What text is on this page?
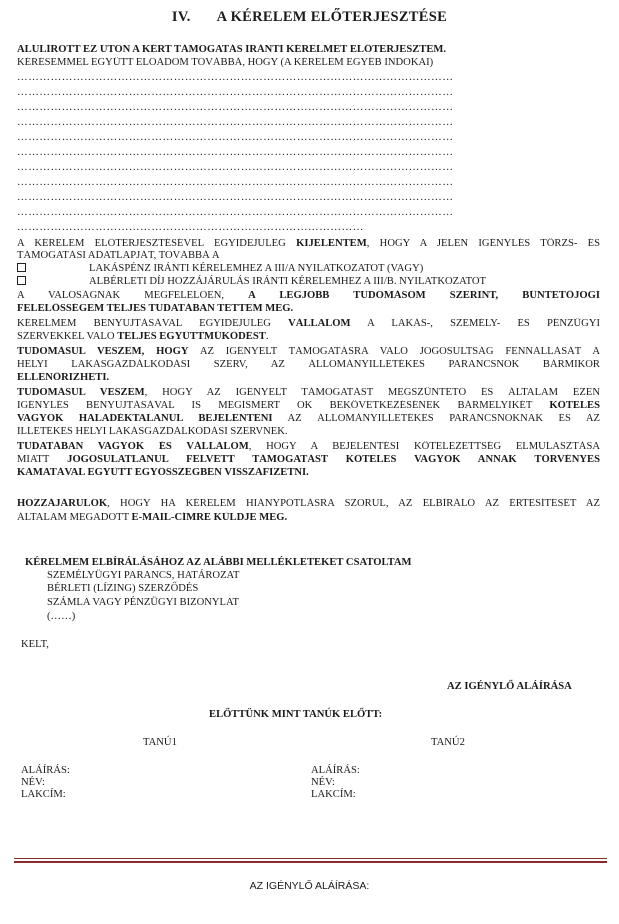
IV. A KÉRELEM ELŐTERJESZTÉSE
ALULÍROTT EZ ÚTON A KÉRT TÁMOGATÁS IRÁNTI KÉRELMET ELŐTERJESZTEM.
KÉRÉSEMMEL EGYÜTT ELŐADOM TOVÁBBÁ, HOGY (A KÉRELEM EGYÉB INDOKAI)
………………………………………………………………………………………………………
………………………………………………………………………………………………………
………………………………………………………………………………………………………
………………………………………………………………………………………………………
………………………………………………………………………………………………………
………………………………………………………………………………………………………
………………………………………………………………………………………………………
………………………………………………………………………………………………………
………………………………………………………………………………………………………
………………………………………………………………………………………………………
…………………………………………………………………………………
A KÉRELEM ELŐTERJESZTÉSÉVEL EGYIDEJŰLEG KIJELENTEM, HOGY A JELEN IGÉNYLÉS TÖRZS- ÉS
TÁMOGATÁSI ADATLAPJÁT, TOVÁBBÁ A
LAKÁSPÉNZ IRÁNTI KÉRELEMHEZ A III/A NYILATKOZATOT (VAGY)
ALBÉRLETI DÍJ HOZZÁJÁRULÁS IRÁNTI KÉRELEMHEZ A III/B. NYILATKOZATOT
A VALÓSÁGNAK MEGFELELŐEN, A LEGJOBB TUDOMÁSOM SZERINT, BÜNTETŐJOGI
FELELŐSSÉGEM TELJES TUDATÁBAN TETTEM MEG.
KÉRELMEM BENYÚJTÁSÁVAL EGYIDEJŰLEG VÁLLALOM A LAKÁS-, SZEMÉLY- ÉS PÉNZÜGYI
SZERVEKKEL VALÓ TELJES EGYÜTTMŰKÖDÉST.
TUDOMÁSUL VESZEM, HOGY AZ IGÉNYELT TÁMOGATÁSRA VALÓ JOGOSULTSÁG FENNÁLLÁSÁT A
HELYI LAKÁSGAZDÁLKODÁSI SZERV, AZ ÁLLOMÁNYILLETÉKES PARANCSNOK BÁRMIKOR
ELLENŐRIZHETI.
TUDOMÁSUL VESZEM, HOGY AZ IGÉNYELT TÁMOGATÁST MEGSZÜNTETŐ ÉS ÁLTALAM EZEN
IGÉNYLÉS BENYÚJTÁSÁVAL IS MEGISMERT OK BEKÖVETKEZÉSÉNEK BÁRMELYIKÉT KÖTELES
VAGYOK HALADÉKTALANUL BEJELENTENI AZ ÁLLOMÁNYILLETÉKES PARANCSNOKNAK ÉS AZ
ILLETÉKES HELYI LAKÁSGAZDÁLKODÁSI SZERVNEK.
TUDATÁBAN VAGYOK ÉS VÁLLALOM, HOGY A BEJELENTÉSI KÖTELEZETTSÉG ELMULASZTÁSA
MIATT JOGOSULATLANUL FELVETT TÁMOGATÁST KÖTELES VAGYOK ANNAK TÖRVÉNYES
KAMATÁVAL EGYÜTT EGYÖSSZEGBEN VISSZAFIZETNI.
HOZZÁJÁRULOK, HOGY HA KÉRELEM HIÁNYPÓTLÁSRA SZORUL, AZ ELBÍRÁLÓ AZ ÉRTESÍTÉSÉT AZ
ÁLTALAM MEGADOTT E-MAIL-CÍMRE KÜLDJE MEG.
KÉRELMEM ELBÍRÁLÁSÁHOZ AZ ALÁBBI MELLÉKLETEKET CSATOLTAM
SZEMÉLYÜGYI PARANCS, HATÁROZAT
BÉRLETI (LÍZING) SZERZŐDÉS
SZÁMLA VAGY PÉNZÜGYI BIZONYLAT
(……)
KELT,
AZ IGÉNYLŐ ALÁÍRÁSA
ELŐTTÜNK MINT TANÚK ELŐTT:
TANÚ1	TANÚ2
ALÁÍRÁS:
NÉV:
LAKCÍM:
ALÁÍRÁS:
NÉV:
LAKCÍM:
AZ IGÉNYLŐ ALÁÍRÁSA:
